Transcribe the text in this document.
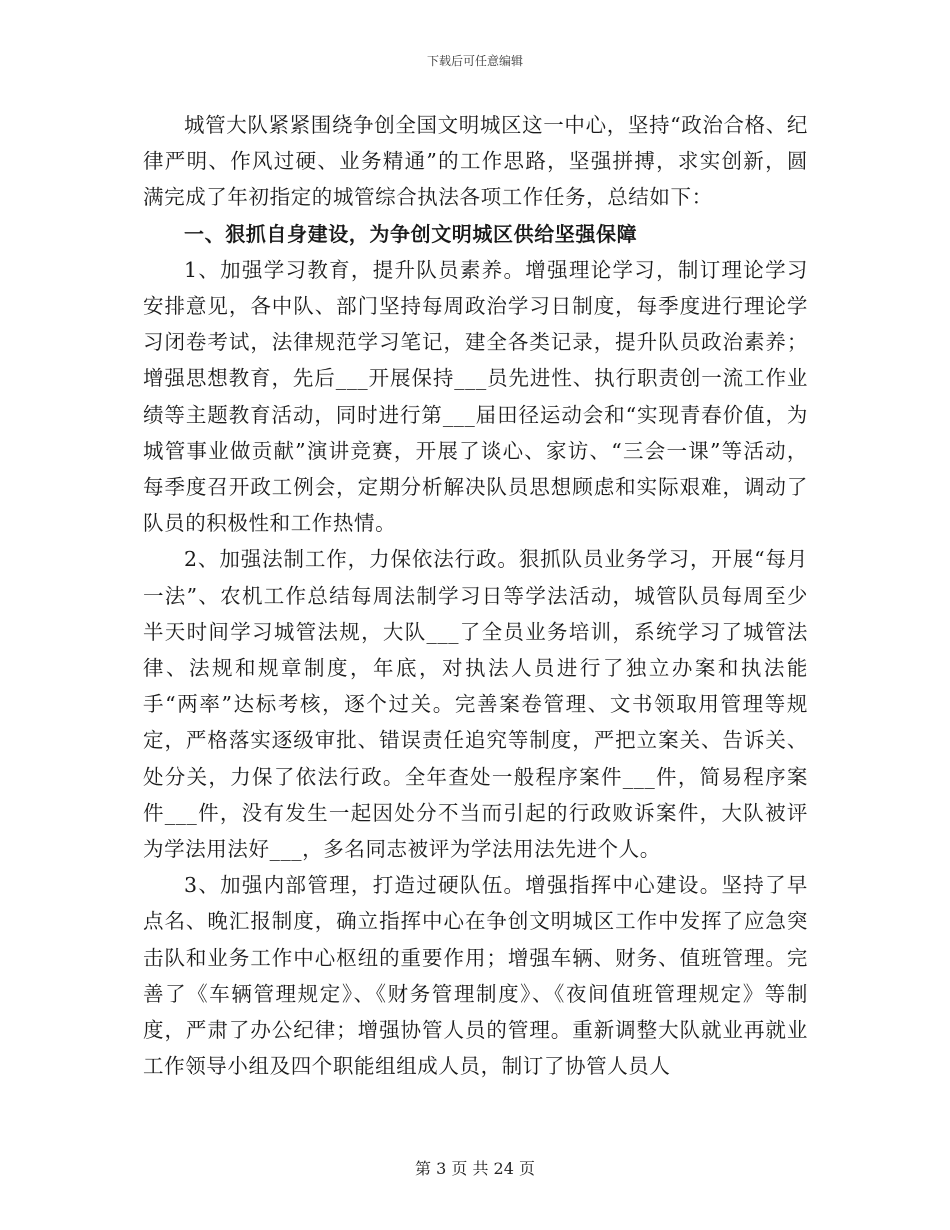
下载后可任意编辑

城管大队紧紧围绕争创全国文明城区这一中心，坚持“政治合格、纪律严明、作风过硬、业务精通”的工作思路，坚强拼搏，求实创新，圆满完成了年初指定的城管综合执法各项工作任务，总结如下：

一、狠抓自身建设，为争创文明城区供给坚强保障

1、加强学习教育，提升队员素养。增强理论学习，制订理论学习安排意见，各中队、部门坚持每周政治学习日制度，每季度进行理论学习闭卷考试，法律规范学习笔记，建全各类记录，提升队员政治素养；增强思想教育，先后___开展保持___员先进性、执行职责创一流工作业绩等主题教育活动，同时进行第___届田径运动会和“实现青春价值，为城管事业做贡献”演讲竞赛，开展了谈心、家访、“三会一课”等活动，每季度召开政工例会，定期分析解决队员思想顾虑和实际艰难，调动了队员的积极性和工作热情。

2、加强法制工作，力保依法行政。狠抓队员业务学习，开展“每月一法”、农机工作总结每周法制学习日等学法活动，城管队员每周至少半天时间学习城管法规，大队___了全员业务培训，系统学习了城管法律、法规和规章制度，年底，对执法人员进行了独立办案和执法能手“两率”达标考核，逐个过关。完善案卷管理、文书领取用管理等规定，严格落实逐级审批、错误责任追究等制度，严把立案关、告诉关、处分关，力保了依法行政。全年查处一般程序案件___件，简易程序案件___件，没有发生一起因处分不当而引起的行政败诉案件，大队被评为学法用法好___，多名同志被评为学法用法先进个人。

3、加强内部管理，打造过硬队伍。增强指挥中心建设。坚持了早点名、晚汇报制度，确立指挥中心在争创文明城区工作中发挥了应急突击队和业务工作中心枢纽的重要作用；增强车辆、财务、值班管理。完善了《车辆管理规定》、《财务管理制度》、《夜间值班管理规定》等制度，严肃了办公纪律；增强协管人员的管理。重新调整大队就业再就业工作领导小组及四个职能组组成人员，制订了协管人员人

第 3 页 共 24 页
